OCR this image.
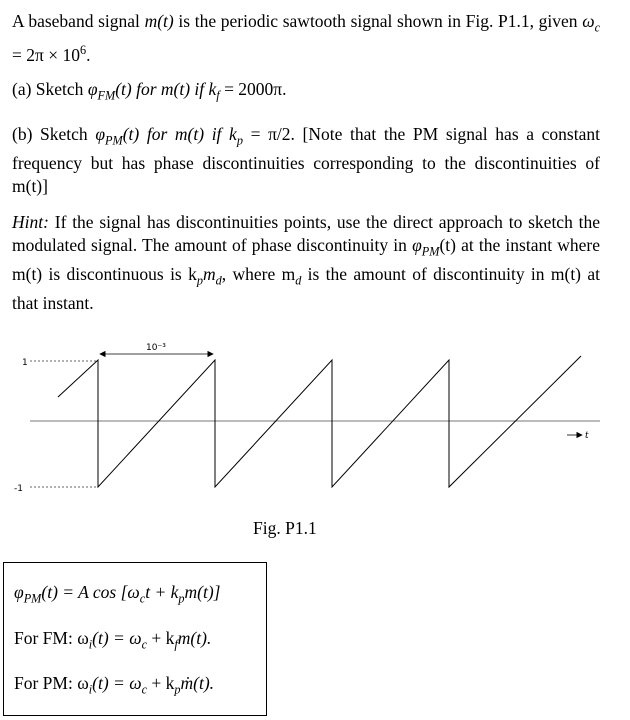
A baseband signal m(t) is the periodic sawtooth signal shown in Fig. P1.1, given $\omega_c = 2\pi \times 10^6$.

(a) Sketch $\varphi_{FM}(t)$ for m(t) if $k_f = 2000\pi$.

(b) Sketch $\varphi_{PM}(t)$ for m(t) if $k_p = \pi/2$. [Note that the PM signal has a constant frequency but has phase discontinuities corresponding to the discontinuities of m(t)]

Hint: If the signal has discontinuities points, use the direct approach to sketch the modulated signal. The amount of phase discontinuity in $\varphi_{PM}(t)$ at the instant where m(t) is discontinuous is $k_pm_d$, where $m_d$ is the amount of discontinuity in m(t) at that instant.

1
-1
10⁻³
t
Fig. P1.1
$\varphi_{PM}(t) = A$ $\cos [\omega_ct + k_pm(t)]$
For FM: $\omega_i(t) = \omega_c + k_fm(t)$.
For PM: $\omega_i(t) = \omega_c$ + $k_pṁ(t)$.
